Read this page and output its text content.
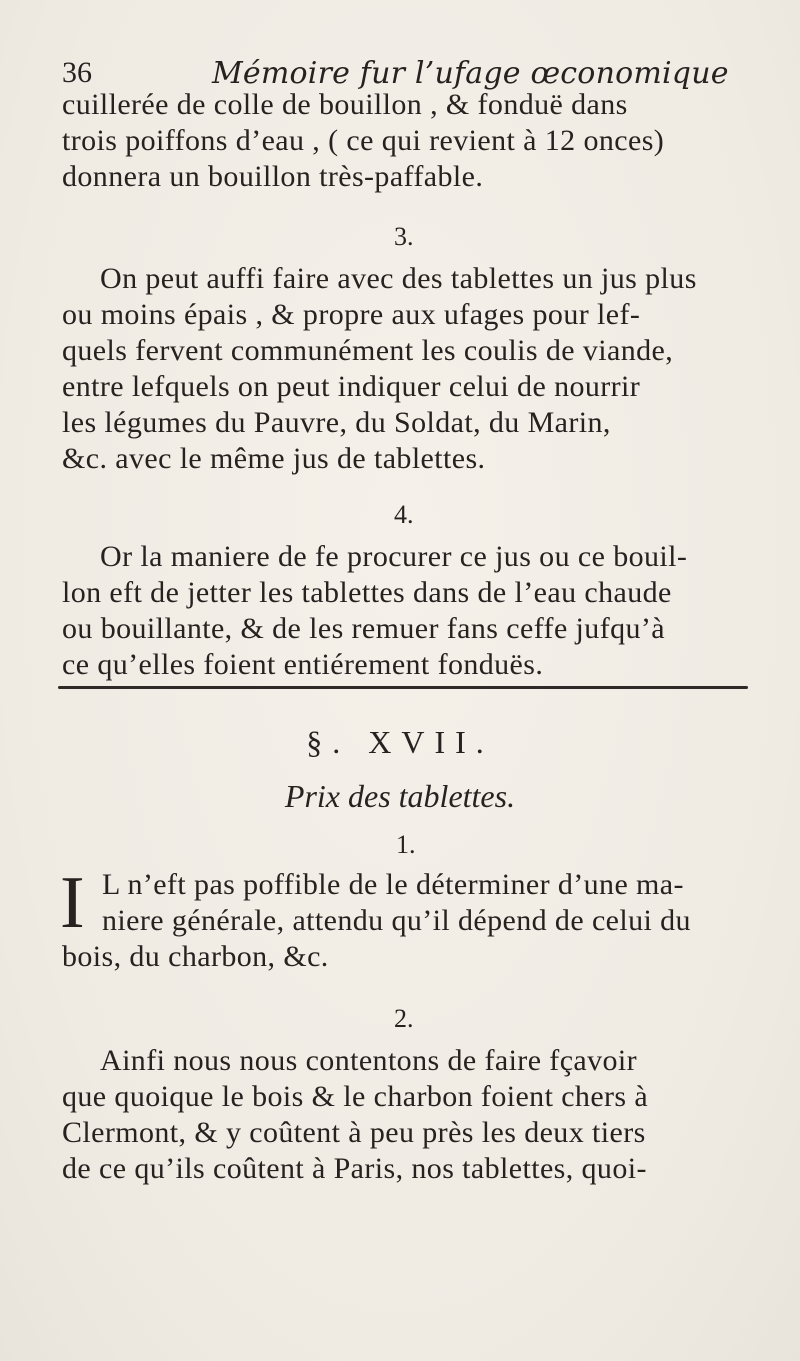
36	Mémoire fur l’ufage œconomique
cuillerée de colle de bouillon , & fonduë dans
trois poiffons d’eau , ( ce qui revient à 12 onces)
donnera un bouillon très-paffable.
3.
On peut auffi faire avec des tablettes un jus plus
ou moins épais , & propre aux ufages pour lef-
quels fervent communément les coulis de viande,
entre lefquels on peut indiquer celui de nourrir
les légumes du Pauvre, du Soldat, du Marin,
&c. avec le même jus de tablettes.
4.
Or la maniere de fe procurer ce jus ou ce bouil-
lon eft de jetter les tablettes dans de l’eau chaude
ou bouillante, & de les remuer fans ceffe jufqu’à
ce qu’elles foient entiérement fonduës.
§. XVII.
Prix des tablettes.
1.
I L n’eft pas poffible de le déterminer d’une ma-
niere générale, attendu qu’il dépend de celui du
bois, du charbon, &c.
2.
Ainfi nous nous contentons de faire fçavoir
que quoique le bois & le charbon foient chers à
Clermont, & y coûtent à peu près les deux tiers
de ce qu’ils coûtent à Paris, nos tablettes, quoi-
